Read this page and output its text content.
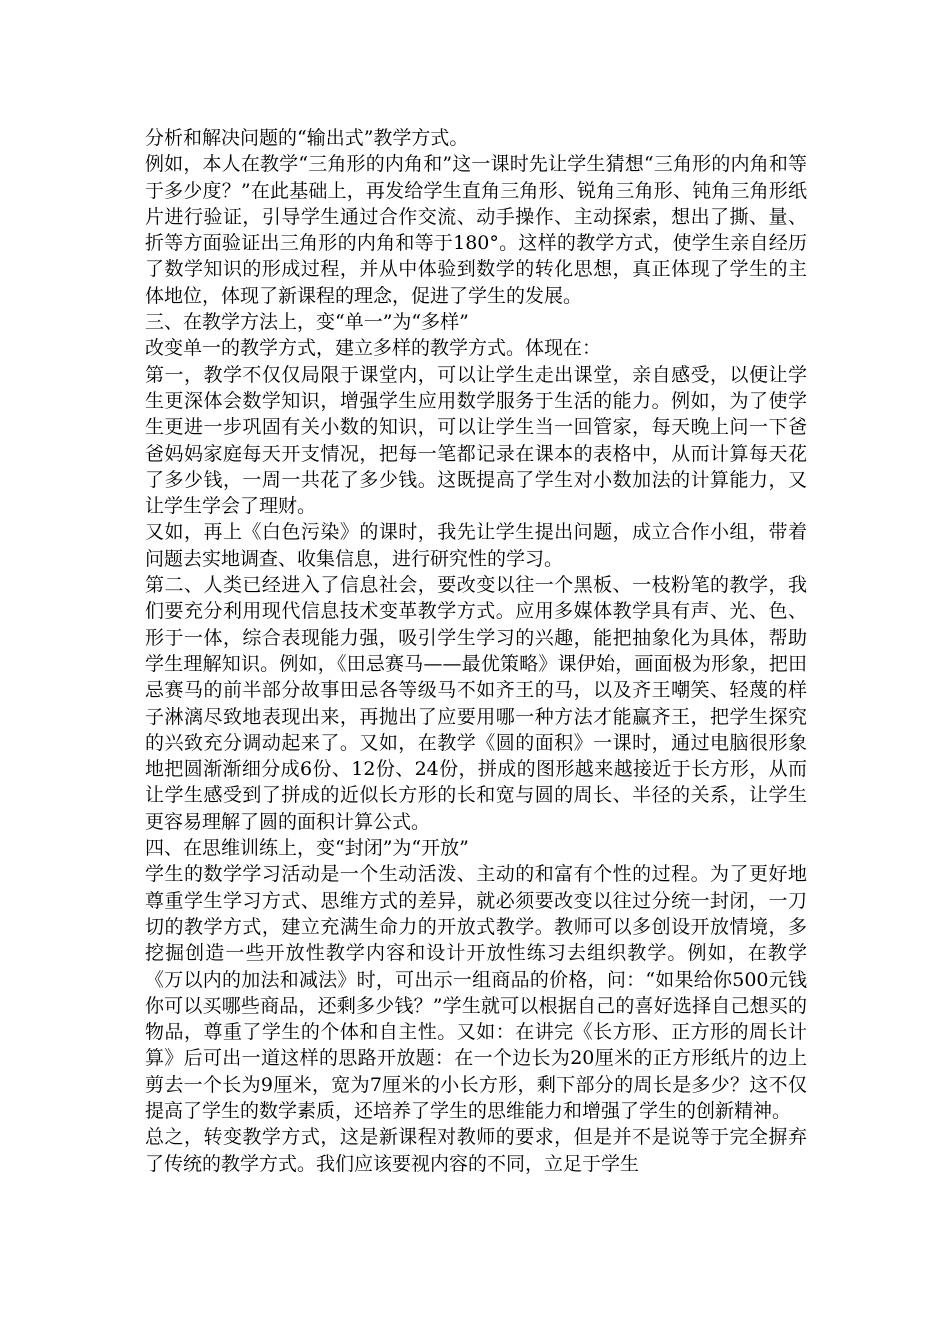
分析和解决问题的“输出式”教学方式。

例如，本人在教学“三角形的内角和”这一课时先让学生猜想“三角形的内角和等于多少度？”在此基础上，再发给学生直角三角形、锐角三角形、钝角三角形纸片进行验证，引导学生通过合作交流、动手操作、主动探索，想出了撕、量、折等方面验证出三角形的内角和等于180°。这样的教学方式，使学生亲自经历了数学知识的形成过程，并从中体验到数学的转化思想，真正体现了学生的主体地位，体现了新课程的理念，促进了学生的发展。

三、在教学方法上，变“单一”为“多样”

改变单一的教学方式，建立多样的教学方式。体现在：

第一，教学不仅仅局限于课堂内，可以让学生走出课堂，亲自感受，以便让学生更深体会数学知识，增强学生应用数学服务于生活的能力。例如，为了使学生更进一步巩固有关小数的知识，可以让学生当一回管家，每天晚上问一下爸爸妈妈家庭每天开支情况，把每一笔都记录在课本的表格中，从而计算每天花了多少钱，一周一共花了多少钱。这既提高了学生对小数加法的计算能力，又让学生学会了理财。

又如，再上《白色污染》的课时，我先让学生提出问题，成立合作小组，带着问题去实地调查、收集信息，进行研究性的学习。

第二、人类已经进入了信息社会，要改变以往一个黑板、一枝粉笔的教学，我们要充分利用现代信息技术变革教学方式。应用多媒体教学具有声、光、色、形于一体，综合表现能力强，吸引学生学习的兴趣，能把抽象化为具体，帮助学生理解知识。例如，《田忌赛马——最优策略》课伊始，画面极为形象，把田忌赛马的前半部分故事田忌各等级马不如齐王的马，以及齐王嘲笑、轻蔑的样子淋漓尽致地表现出来，再抛出了应要用哪一种方法才能赢齐王，把学生探究的兴致充分调动起来了。又如，在教学《圆的面积》一课时，通过电脑很形象地把圆渐渐细分成6份、12份、24份，拼成的图形越来越接近于长方形，从而让学生感受到了拼成的近似长方形的长和宽与圆的周长、半径的关系，让学生更容易理解了圆的面积计算公式。

四、在思维训练上，变“封闭”为“开放”

学生的数学学习活动是一个生动活泼、主动的和富有个性的过程。为了更好地尊重学生学习方式、思维方式的差异，就必须要改变以往过分统一封闭，一刀切的教学方式，建立充满生命力的开放式教学。教师可以多创设开放情境，多挖掘创造一些开放性教学内容和设计开放性练习去组织教学。例如，在教学《万以内的加法和减法》时，可出示一组商品的价格，问：“如果给你500元钱你可以买哪些商品，还剩多少钱？”学生就可以根据自己的喜好选择自己想买的物品，尊重了学生的个体和自主性。又如：在讲完《长方形、正方形的周长计算》后可出一道这样的思路开放题：在一个边长为20厘米的正方形纸片的边上剪去一个长为9厘米，宽为7厘米的小长方形，剩下部分的周长是多少？这不仅提高了学生的数学素质，还培养了学生的思维能力和增强了学生的创新精神。

总之，转变教学方式，这是新课程对教师的要求，但是并不是说等于完全摒弃了传统的教学方式。我们应该要视内容的不同，立足于学生
